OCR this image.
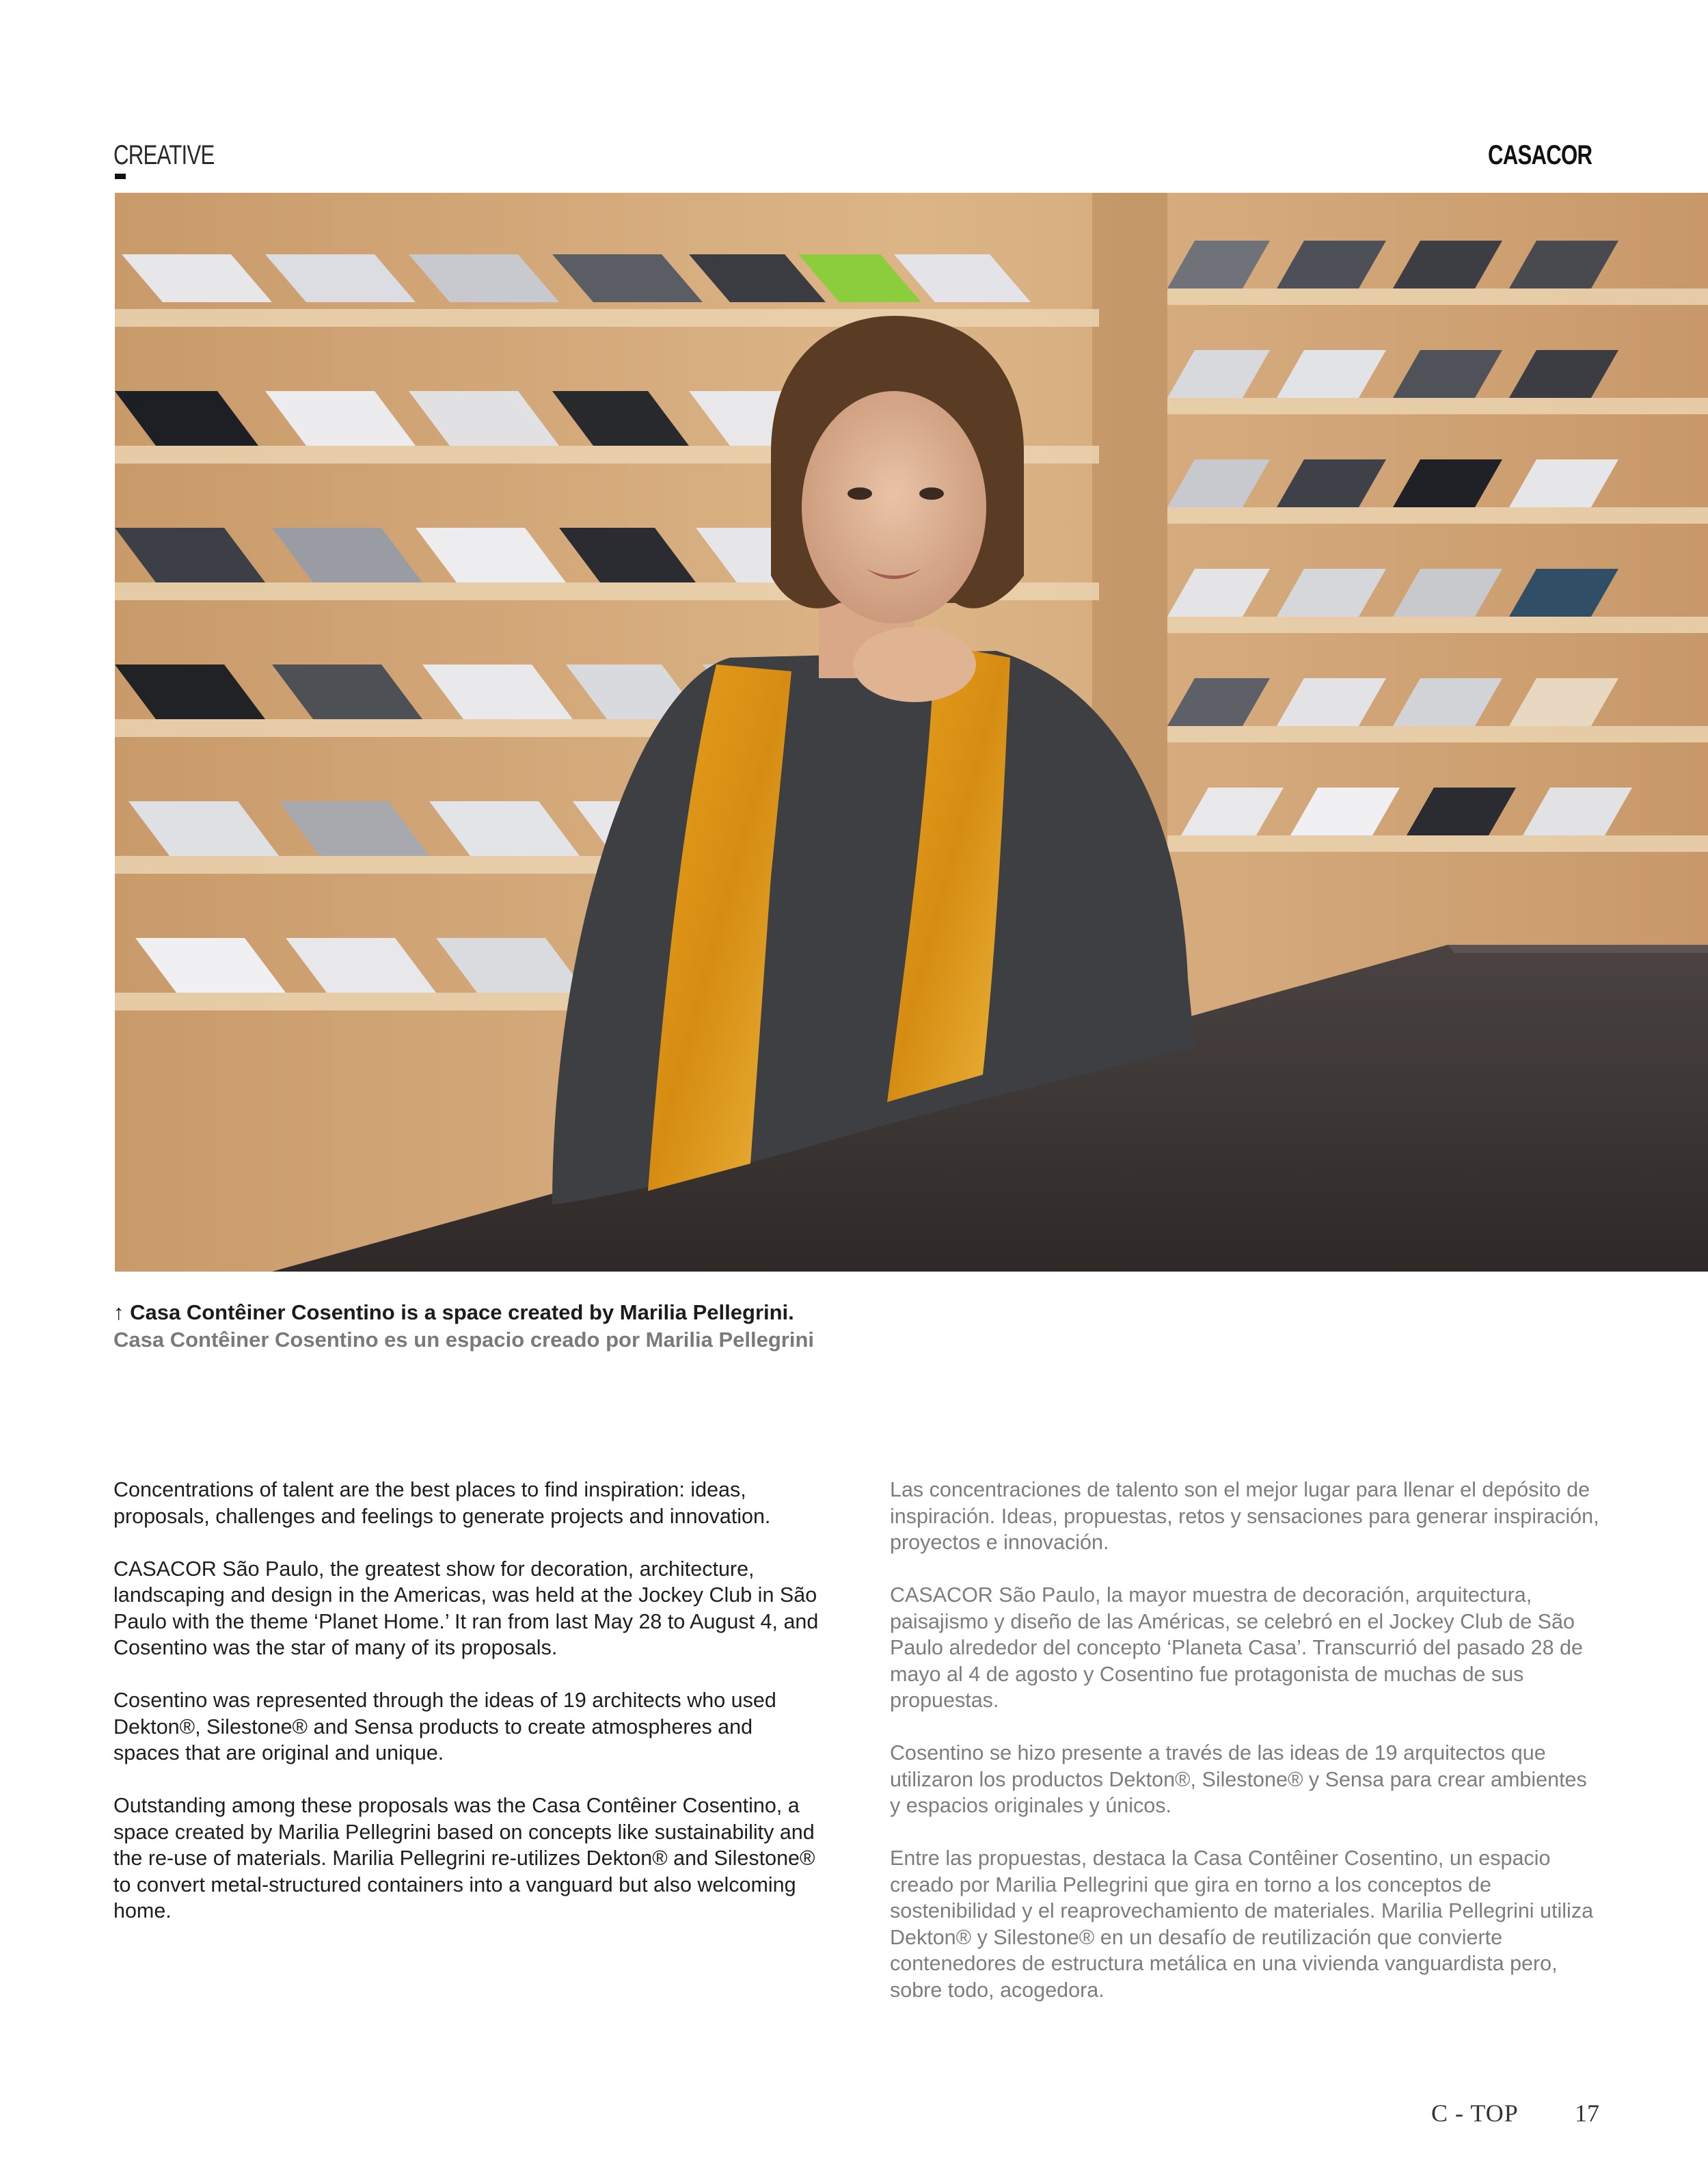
CREATIVE	CASACOR
↑ Casa Contêiner Cosentino is a space created by Marilia Pellegrini.
Casa Contêiner Cosentino es un espacio creado por Marilia Pellegrini

Concentrations of talent are the best places to find inspiration: ideas, proposals, challenges and feelings to generate projects and innovation.

CASACOR São Paulo, the greatest show for decoration, architecture, landscaping and design in the Americas, was held at the Jockey Club in São Paulo with the theme ‘Planet Home.’ It ran from last May 28 to August 4, and Cosentino was the star of many of its proposals.

Cosentino was represented through the ideas of 19 architects who used Dekton®, Silestone® and Sensa products to create atmospheres and spaces that are original and unique.

Outstanding among these proposals was the Casa Contêiner Cosentino, a space created by Marilia Pellegrini based on concepts like sustainability and the re-use of materials. Marilia Pellegrini re-utilizes Dekton® and Silestone® to convert metal-structured containers into a vanguard but also welcoming home.

Las concentraciones de talento son el mejor lugar para llenar el depósito de inspiración. Ideas, propuestas, retos y sensaciones para generar inspiración, proyectos e innovación.

CASACOR São Paulo, la mayor muestra de decoración, arquitectura, paisajismo y diseño de las Américas, se celebró en el Jockey Club de São Paulo alrededor del concepto ‘Planeta Casa’. Transcurrió del pasado 28 de mayo al 4 de agosto y Cosentino fue protagonista de muchas de sus propuestas.

Cosentino se hizo presente a través de las ideas de 19 arquitectos que utilizaron los productos Dekton®, Silestone® y Sensa para crear ambientes y espacios originales y únicos.

Entre las propuestas, destaca la Casa Contêiner Cosentino, un espacio creado por Marilia Pellegrini que gira en torno a los conceptos de sostenibilidad y el reaprovechamiento de materiales. Marilia Pellegrini utiliza Dekton® y Silestone® en un desafío de reutilización que convierte contenedores de estructura metálica en una vivienda vanguardista pero, sobre todo, acogedora.

C - TOP 17
